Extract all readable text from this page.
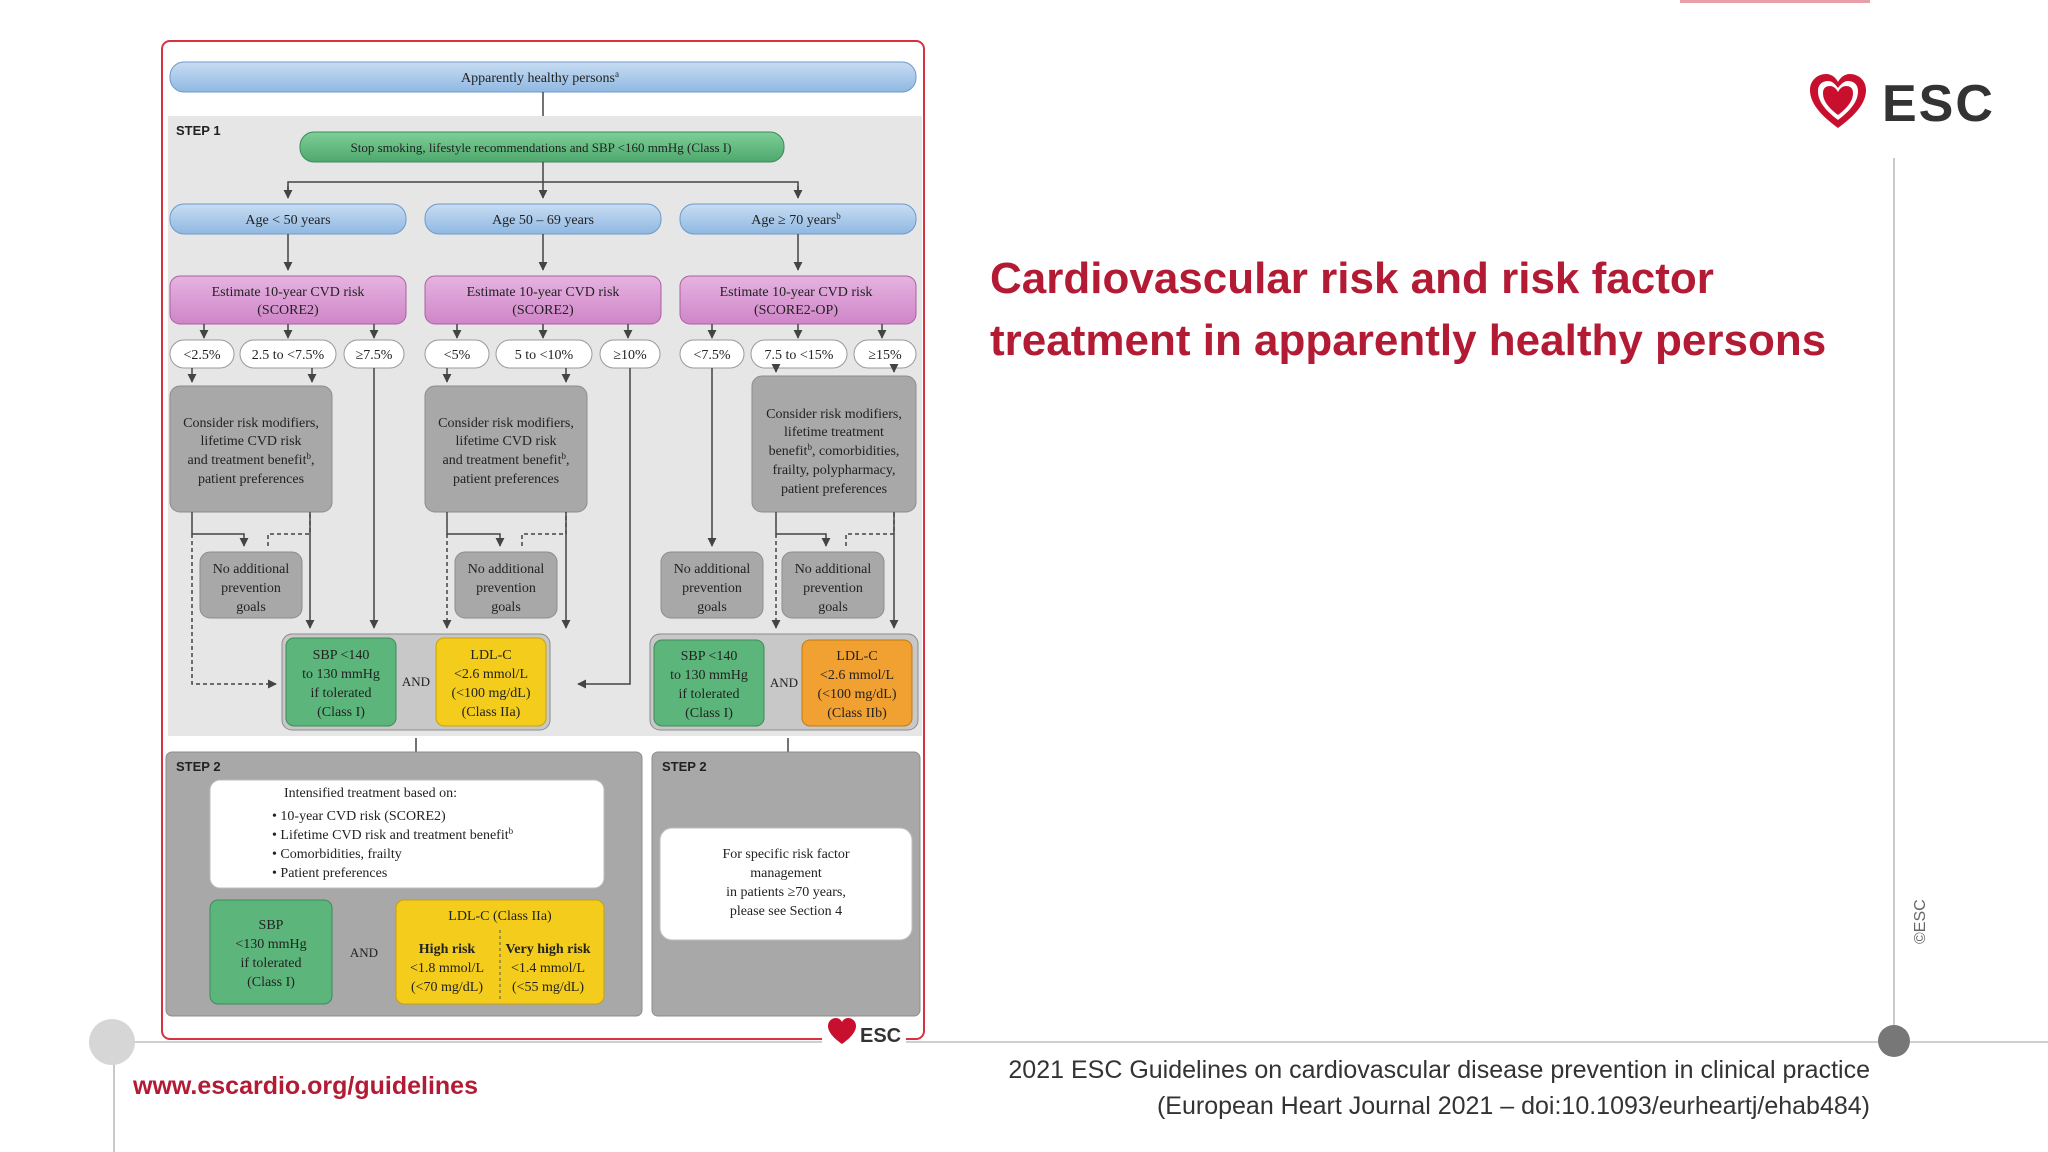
Cardiovascular risk and risk factor
treatment in apparently healthy persons
ESC
www.escardio.org/guidelines
2021 ESC Guidelines on cardiovascular disease prevention in clinical practice
(European Heart Journal 2021 – doi:10.1093/eurheartj/ehab484)
©ESC
Apparently healthy persons$^a$
STEP 1
Stop smoking, lifestyle recommendations and SBP <160 mmHg (Class I)
Age < 50 years	Age 50 – 69 years	Age ≥ 70 years$^b$
Estimate 10-year CVD risk
(SCORE2)
Estimate 10-year CVD risk
(SCORE2)
Estimate 10-year CVD risk
(SCORE2-OP)
<2.5% 2.5 to <7.5% ≥7.5%	<5%	5 to <10%	≥10%	<7.5% 7.5 to <15% ≥15%
Consider risk modifiers,
lifetime CVD risk
and treatment benefit$^b$,
patient preferences
Consider risk modifiers,
lifetime CVD risk
and treatment benefit$^b$,
patient preferences
Consider risk modifiers,
lifetime treatment
benefit$^b$, comorbidities,
frailty, polypharmacy,
patient preferences
No additional
prevention
goals
No additional
prevention
goals
No additional
prevention
goals
No additional
prevention
goals
SBP <140
to 130 mmHg
if tolerated
(Class I)
AND
LDL-C
<2.6 mmol/L
(<100 mg/dL)
(Class IIa)
SBP <140
to 130 mmHg
if tolerated
(Class I)
AND
LDL-C
<2.6 mmol/L
(<100 mg/dL)
(Class IIb)
STEP 2
Intensified treatment based on:
• 10-year CVD risk (SCORE2)
• Lifetime CVD risk and treatment benefit$^b$
• Comorbidities, frailty
• Patient preferences
SBP
<130 mmHg
if tolerated
(Class I)
AND
LDL-C (Class IIa)
High risk
<1.8 mmol/L
(<70 mg/dL)
Very high risk
<1.4 mmol/L
(<55 mg/dL)
STEP 2
For specific risk factor
management
in patients ≥70 years,
please see Section 4
ESC
